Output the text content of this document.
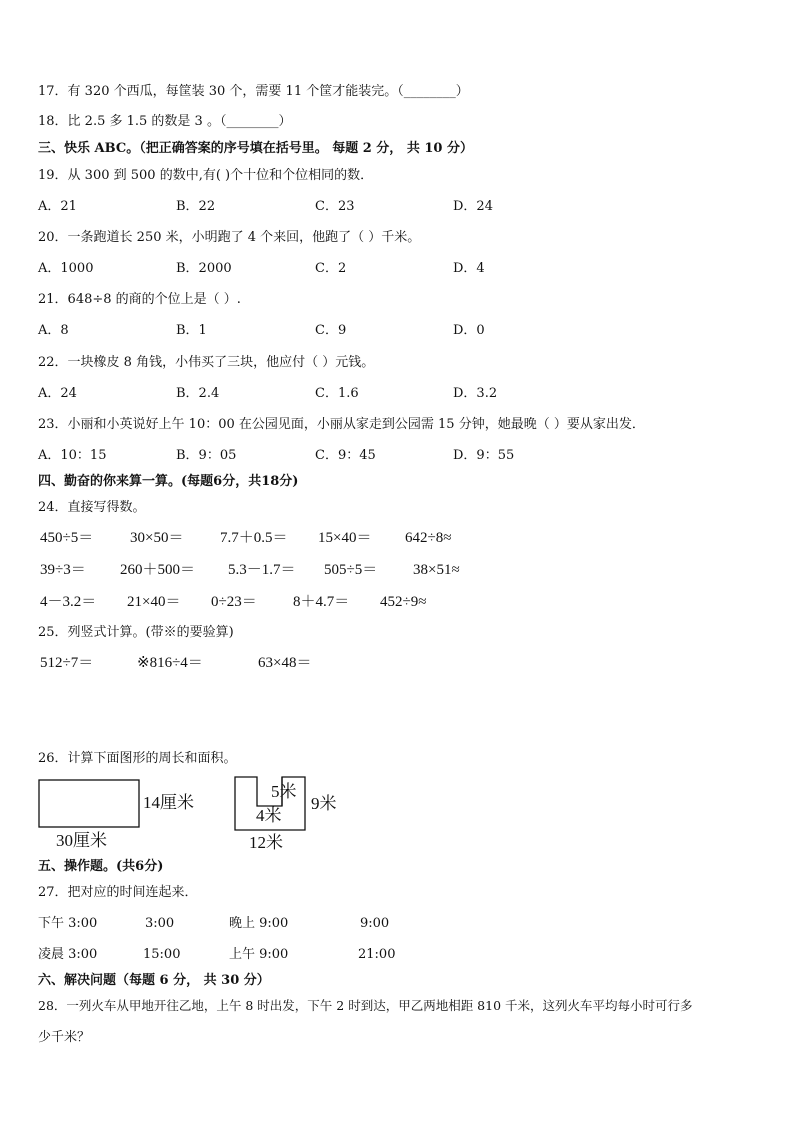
17．有 320 个西瓜，每筐装 30 个，需要 11 个筐才能装完。（________）
18．比 2.5 多 1.5 的数是 3 。（________）
三、快乐 ABC。（把正确答案的序号填在括号里。 每题 2 分， 共 10 分）
19．从 300 到 500 的数中,有( )个十位和个位相同的数．
A．21	B．22	C．23	D．24
20．一条跑道长 250 米，小明跑了 4 个来回，他跑了（ ）千米。
A．1000	B．2000	C．2	D．4
21．648÷8 的商的个位上是（ ）.
A．8	B．1	C．9	D．0
22．一块橡皮 8 角钱，小伟买了三块，他应付（ ）元钱。
A．24	B．2.4	C．1.6	D．3.2
23．小丽和小英说好上午 10：00 在公园见面，小丽从家走到公园需 15 分钟，她最晚（ ）要从家出发．
A．10：15	B．9：05	C．9：45	D．9：55
四、勤奋的你来算一算。(每题6分，共18分)
24．直接写得数。
450÷5＝ 30×50＝ 7.7＋0.5＝ 15×40＝ 642÷8≈
39÷3＝ 260＋500＝ 5.3－1.7＝ 505÷5＝ 38×51≈
4－3.2＝ 21×40＝ 0÷23＝ 8＋4.7＝ 452÷9≈
25．列竖式计算。(带※的要验算)
512÷7＝	※816÷4＝	63×48＝
26．计算下面图形的周长和面积。
14厘米
30厘米
5米
4米
9米
12米
五、操作题。(共6分)
27．把对应的时间连起来．
下午 3:00	3:00	晚上 9:00	9:00
凌晨 3:00	15:00	上午 9:00	21:00
六、解决问题（每题 6 分， 共 30 分）
28．一列火车从甲地开往乙地，上午 8 时出发，下午 2 时到达，甲乙两地相距 810 千米，这列火车平均每小时可行多
少千米？
